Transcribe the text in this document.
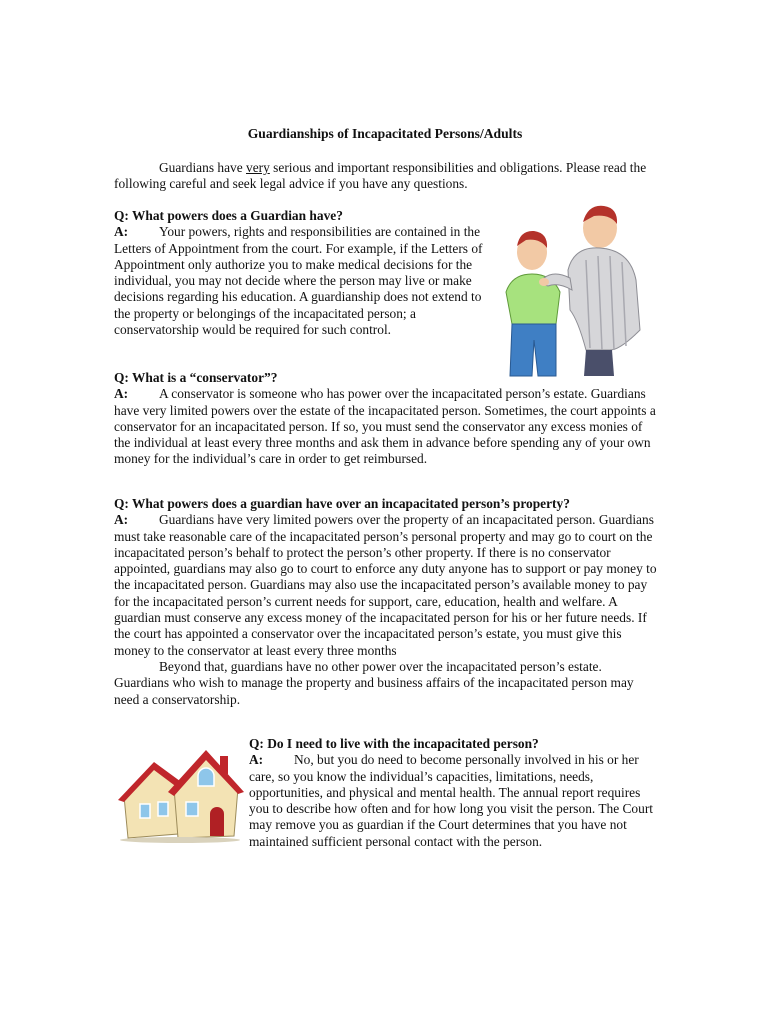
Guardianships of Incapacitated Persons/Adults
Guardians have very serious and important responsibilities and obligations. Please read the following careful and seek legal advice if you have any questions.
Q: What powers does a Guardian have?
A: Your powers, rights and responsibilities are contained in the Letters of Appointment from the court. For example, if the Letters of Appointment only authorize you to make medical decisions for the individual, you may not decide where the person may live or make decisions regarding his education. A guardianship does not extend to the property or belongings of the incapacitated person; a conservatorship would be required for such control.
Q: What is a “conservator”?
A: A conservator is someone who has power over the incapacitated person’s estate. Guardians have very limited powers over the estate of the incapacitated person. Sometimes, the court appoints a conservator for an incapacitated person. If so, you must send the conservator any excess monies of the individual at least every three months and ask them in advance before spending any of your own money for the individual’s care in order to get reimbursed.
Q: What powers does a guardian have over an incapacitated person’s property?
A: Guardians have very limited powers over the property of an incapacitated person. Guardians must take reasonable care of the incapacitated person’s personal property and may go to court on the incapacitated person’s behalf to protect the person’s other property. If there is no conservator appointed, guardians may also go to court to enforce any duty anyone has to support or pay money to the incapacitated person. Guardians may also use the incapacitated person’s available money to pay for the incapacitated person’s current needs for support, care, education, health and welfare. A guardian must conserve any excess money of the incapacitated person for his or her future needs. If the court has appointed a conservator over the incapacitated person’s estate, you must give this money to the conservator at least every three months
Beyond that, guardians have no other power over the incapacitated person’s estate. Guardians who wish to manage the property and business affairs of the incapacitated person may need a conservatorship.
Q: Do I need to live with the incapacitated person?
A: No, but you do need to become personally involved in his or her care, so you know the individual’s capacities, limitations, needs, opportunities, and physical and mental health. The annual report requires you to describe how often and for how long you visit the person. The Court may remove you as guardian if the Court determines that you have not maintained sufficient personal contact with the person.
